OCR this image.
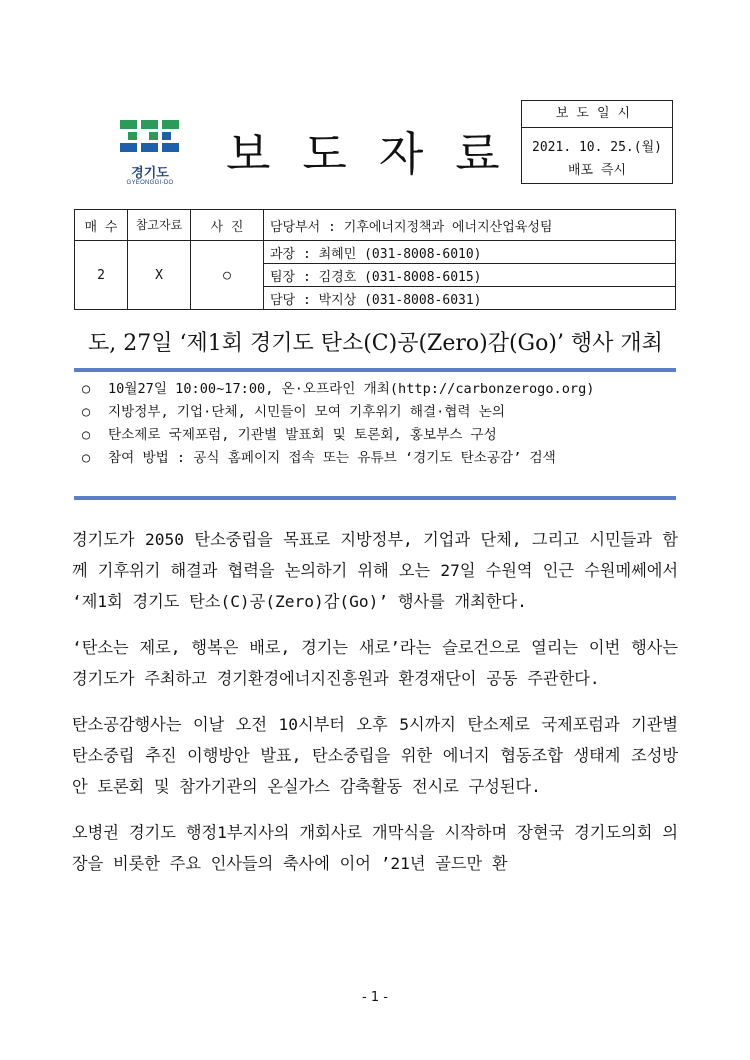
경기도
GYEONGGI-DO
보도자료
보도일시
2021. 10. 25.(월)
배포 즉시
매 수	참고자료	사 진	담당부서 : 기후에너지정책과 에너지산업육성팀
2	X	○	과장 : 최혜민 (031-8008-6010)
			팀장 : 김경호 (031-8008-6015)
			담당 : 박지상 (031-8008-6031)
도, 27일 ‘제1회 경기도 탄소(C)공(Zero)감(Go)’ 행사 개최
○ 10월27일 10:00~17:00, 온·오프라인 개최(http://carbonzerogo.org)
○ 지방정부, 기업·단체, 시민들이 모여 기후위기 해결·협력 논의
○ 탄소제로 국제포럼, 기관별 발표회 및 토론회, 홍보부스 구성
○ 참여 방법 : 공식 홈페이지 접속 또는 유튜브 ‘경기도 탄소공감’ 검색

경기도가 2050 탄소중립을 목표로 지방정부, 기업과 단체, 그리고 시민들과 함께 기후위기 해결과 협력을 논의하기 위해 오는 27일 수원역 인근 수원메쎄에서 ‘제1회 경기도 탄소(C)공(Zero)감(Go)’ 행사를 개최한다.

‘탄소는 제로, 행복은 배로, 경기는 새로’라는 슬로건으로 열리는 이번 행사는 경기도가 주최하고 경기환경에너지진흥원과 환경재단이 공동 주관한다.

탄소공감행사는 이날 오전 10시부터 오후 5시까지 탄소제로 국제포럼과 기관별 탄소중립 추진 이행방안 발표, 탄소중립을 위한 에너지 협동조합 생태계 조성방안 토론회 및 참가기관의 온실가스 감축활동 전시로 구성된다.

오병권 경기도 행정1부지사의 개회사로 개막식을 시작하며 장현국 경기도의회 의장을 비롯한 주요 인사들의 축사에 이어 ’21년 골드만 환

- 1 -
